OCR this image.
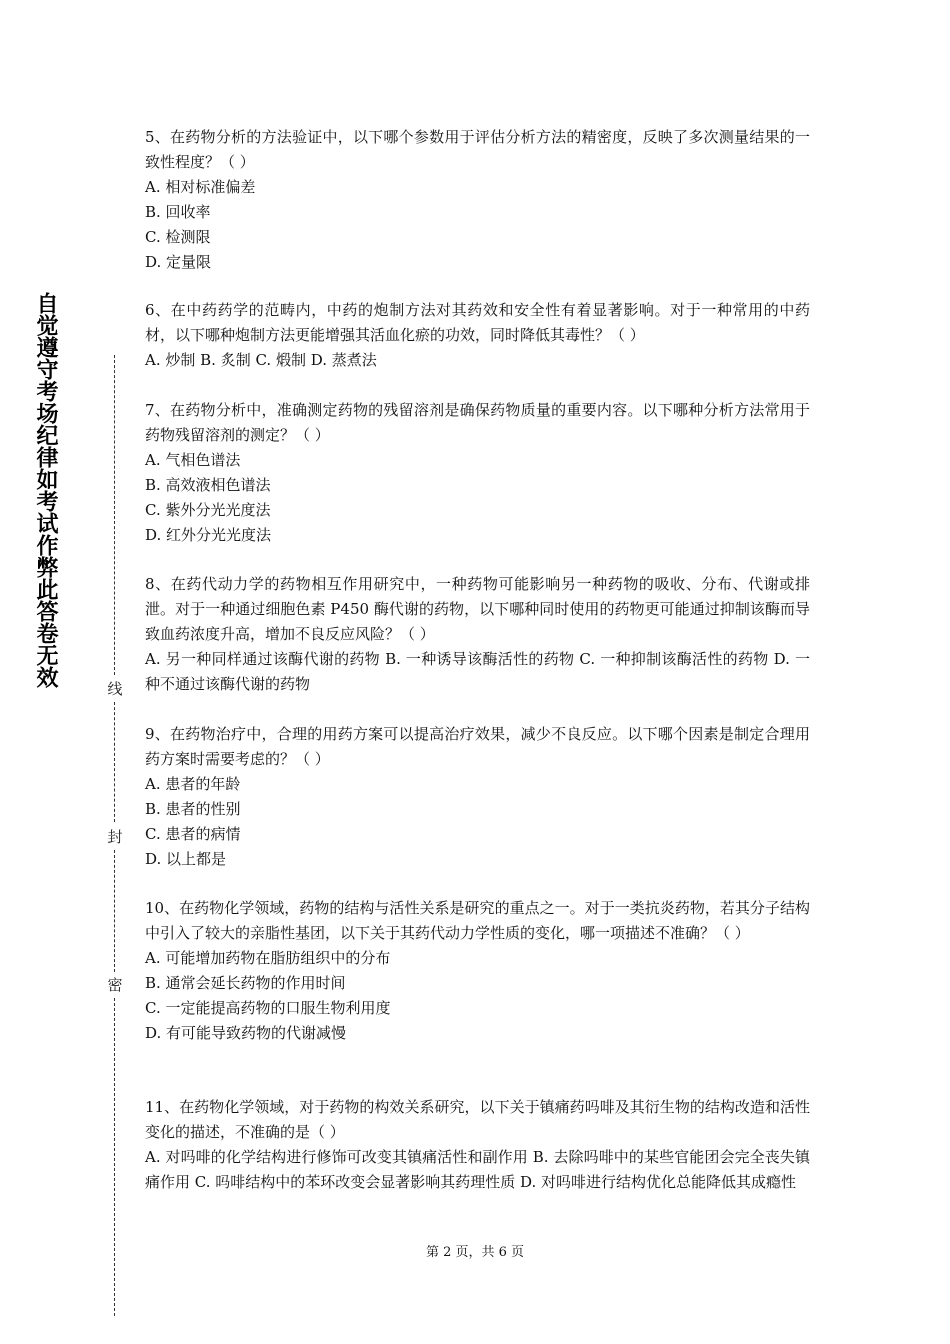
自觉遵守考场纪律如考试作弊此答卷无效
线
封
密

5、在药物分析的方法验证中，以下哪个参数用于评估分析方法的精密度，反映了多次测量结果的一致性程度？（ ）

A. 相对标准偏差

B. 回收率

C. 检测限

D. 定量限

6、在中药药学的范畴内，中药的炮制方法对其药效和安全性有着显著影响。对于一种常用的中药材，以下哪种炮制方法更能增强其活血化瘀的功效，同时降低其毒性？（ ）

A. 炒制 B. 炙制 C. 煅制 D. 蒸煮法

7、在药物分析中，准确测定药物的残留溶剂是确保药物质量的重要内容。以下哪种分析方法常用于药物残留溶剂的测定？（ ）

A. 气相色谱法

B. 高效液相色谱法

C. 紫外分光光度法

D. 红外分光光度法

8、在药代动力学的药物相互作用研究中，一种药物可能影响另一种药物的吸收、分布、代谢或排泄。对于一种通过细胞色素 P450 酶代谢的药物，以下哪种同时使用的药物更可能通过抑制该酶而导致血药浓度升高，增加不良反应风险？（ ）

A. 另一种同样通过该酶代谢的药物 B. 一种诱导该酶活性的药物 C. 一种抑制该酶活性的药物 D. 一种不通过该酶代谢的药物

9、在药物治疗中，合理的用药方案可以提高治疗效果，减少不良反应。以下哪个因素是制定合理用药方案时需要考虑的？（ ）

A. 患者的年龄

B. 患者的性别

C. 患者的病情

D. 以上都是

10、在药物化学领域，药物的结构与活性关系是研究的重点之一。对于一类抗炎药物，若其分子结构中引入了较大的亲脂性基团，以下关于其药代动力学性质的变化，哪一项描述不准确？（ ）

A. 可能增加药物在脂肪组织中的分布

B. 通常会延长药物的作用时间

C. 一定能提高药物的口服生物利用度

D. 有可能导致药物的代谢减慢

11、在药物化学领域，对于药物的构效关系研究，以下关于镇痛药吗啡及其衍生物的结构改造和活性变化的描述，不准确的是（ ）

A. 对吗啡的化学结构进行修饰可改变其镇痛活性和副作用 B. 去除吗啡中的某些官能团会完全丧失镇痛作用 C. 吗啡结构中的苯环改变会显著影响其药理性质 D. 对吗啡进行结构优化总能降低其成瘾性

第 2 页，共 6 页
